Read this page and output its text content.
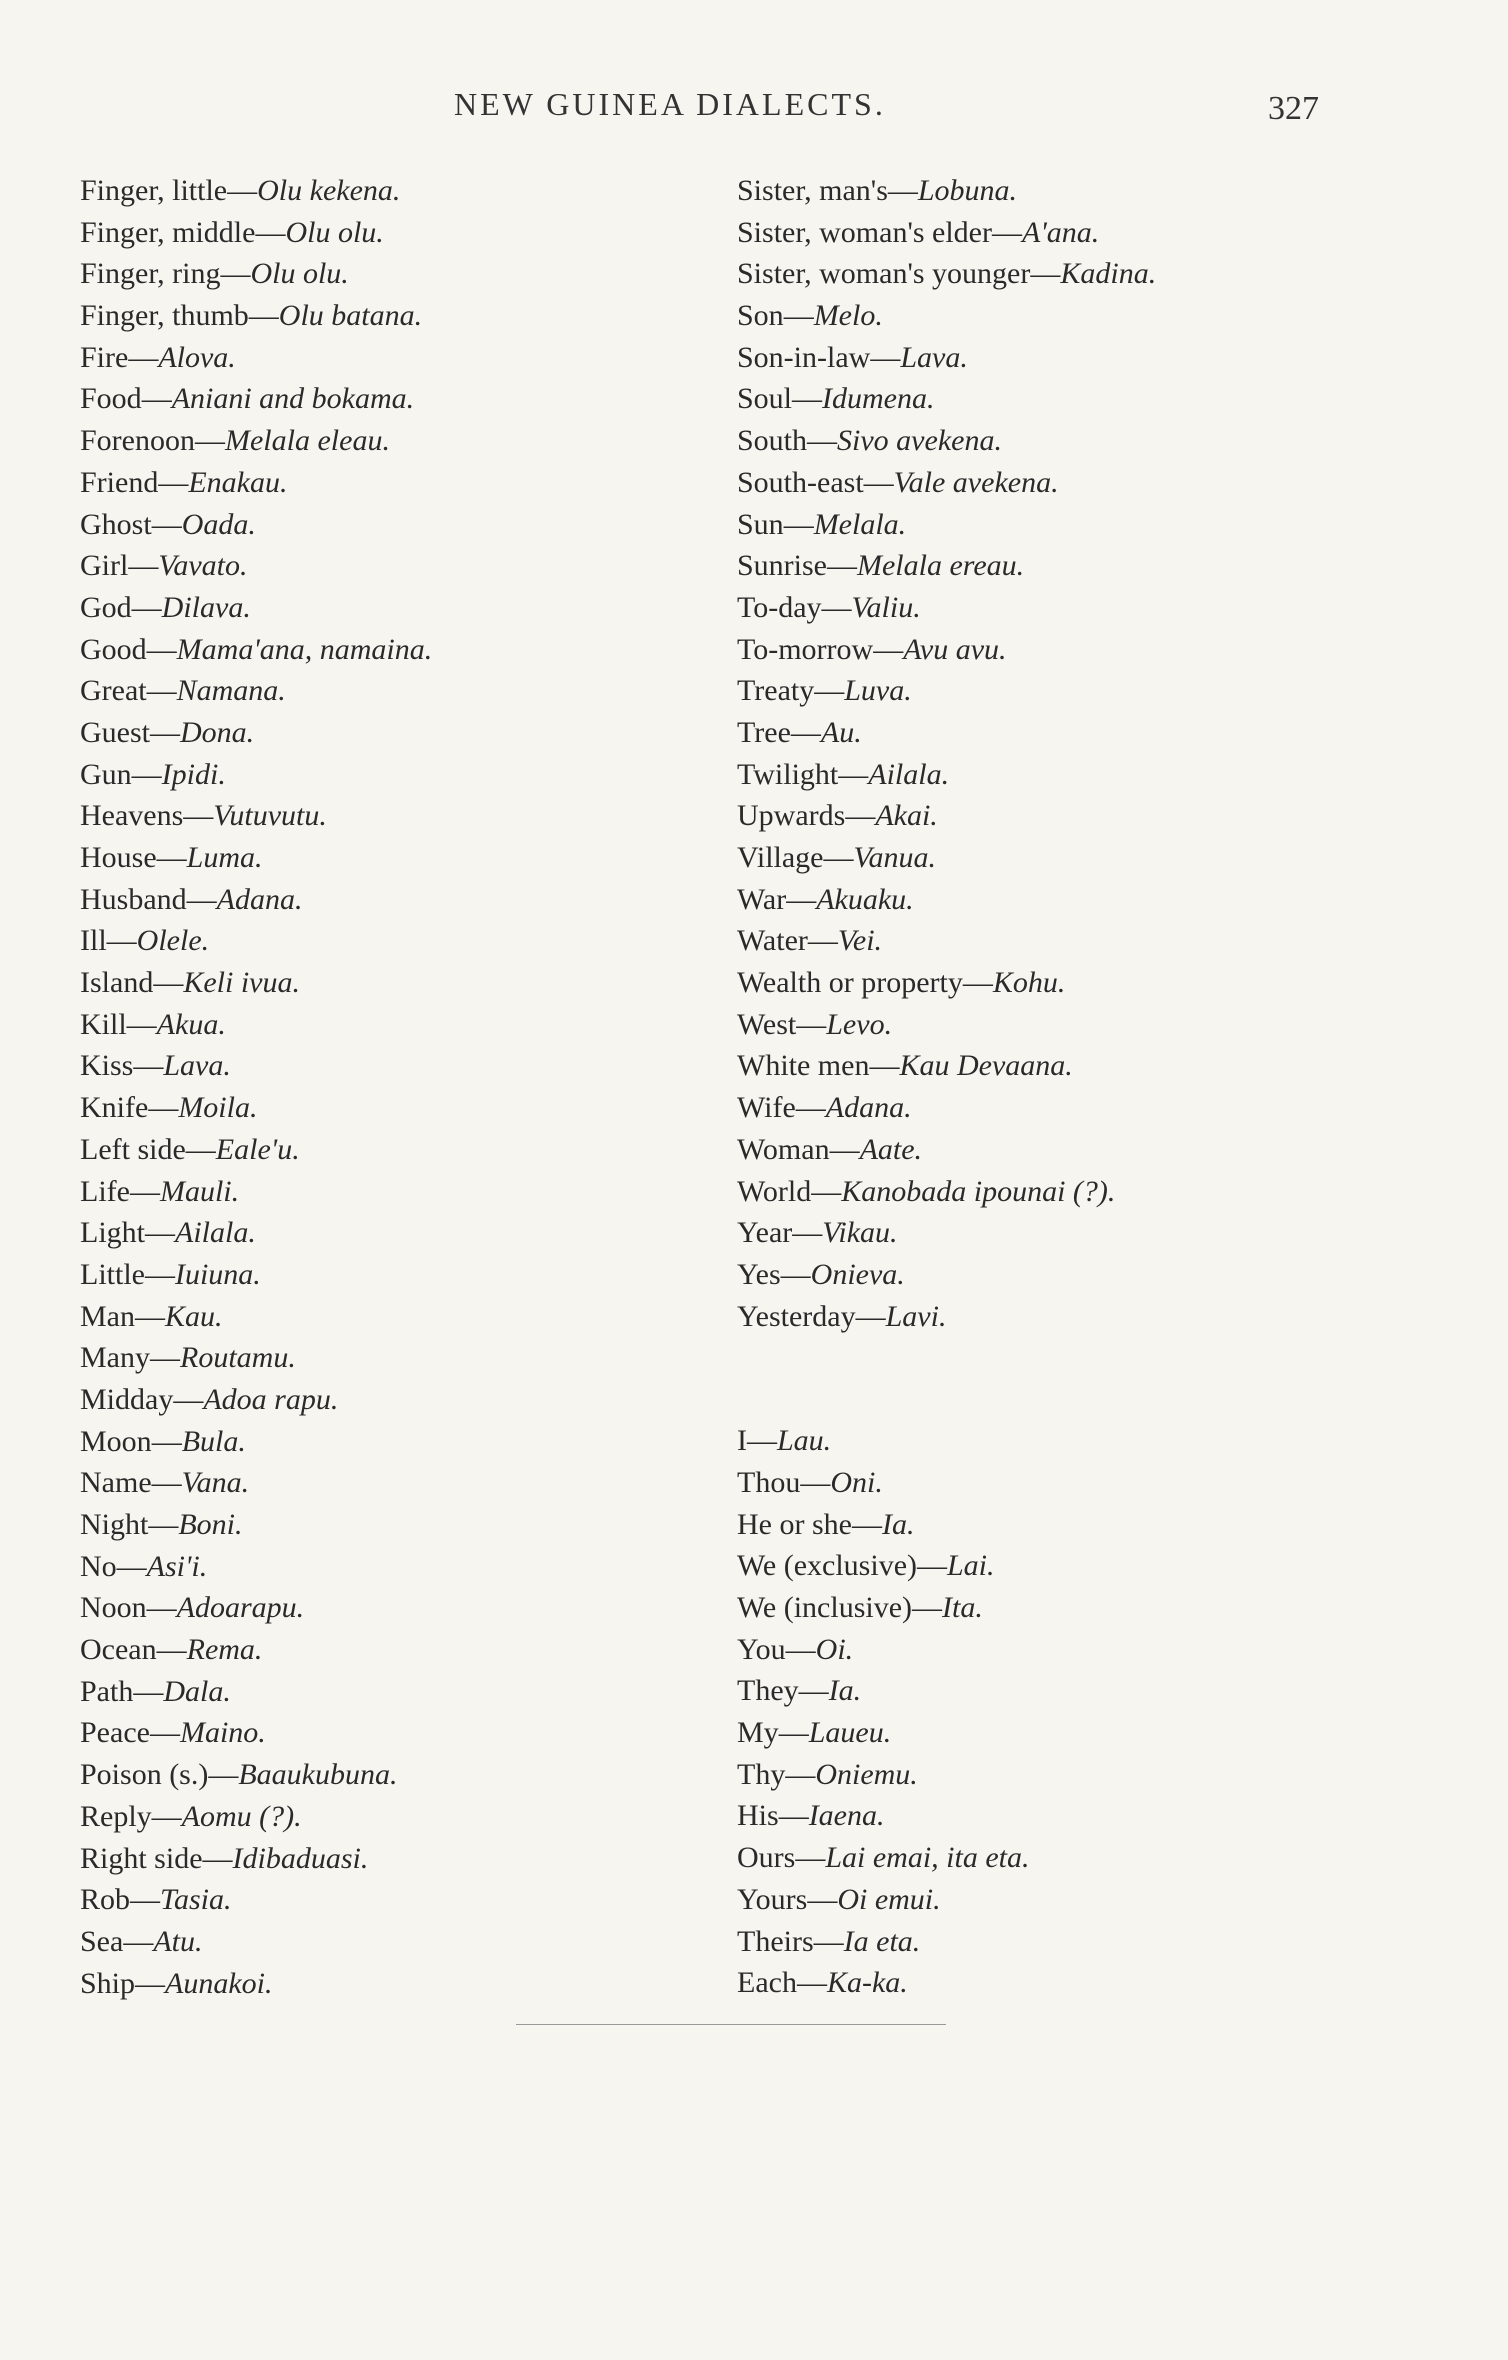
NEW GUINEA DIALECTS.	327
Finger, little—Olu kekena.
Finger, middle—Olu olu.
Finger, ring—Olu olu.
Finger, thumb—Olu batana.
Fire—Alova.
Food—Aniani and bokama.
Forenoon—Melala eleau.
Friend—Enakau.
Ghost—Oada.
Girl—Vavato.
God—Dilava.
Good—Mama'ana, namaina.
Great—Namana.
Guest—Dona.
Gun—Ipidi.
Heavens—Vutuvutu.
House—Luma.
Husband—Adana.
Ill—Olele.
Island—Keli ivua.
Kill—Akua.
Kiss—Lava.
Knife—Moila.
Left side—Eale'u.
Life—Mauli.
Light—Ailala.
Little—Iuiuna.
Man—Kau.
Many—Routamu.
Midday—Adoa rapu.
Moon—Bula.
Name—Vana.
Night—Boni.
No—Asi'i.
Noon—Adoarapu.
Ocean—Rema.
Path—Dala.
Peace—Maino.
Poison (s.)—Baaukubuna.
Reply—Aomu (?).
Right side—Idibaduasi.
Rob—Tasia.
Sea—Atu.
Ship—Aunakoi.
Sister, man's—Lobuna.
Sister, woman's elder—A'ana.
Sister, woman's younger—Kadina.
Son—Melo.
Son-in-law—Lava.
Soul—Idumena.
South—Sivo avekena.
South-east—Vale avekena.
Sun—Melala.
Sunrise—Melala ereau.
To-day—Valiu.
To-morrow—Avu avu.
Treaty—Luva.
Tree—Au.
Twilight—Ailala.
Upwards—Akai.
Village—Vanua.
War—Akuaku.
Water—Vei.
Wealth or property—Kohu.
West—Levo.
White men—Kau Devaana.
Wife—Adana.
Woman—Aate.
World—Kanobada ipounai (?).
Year—Vikau.
Yes—Onieva.
Yesterday—Lavi.
I—Lau.
Thou—Oni.
He or she—Ia.
We (exclusive)—Lai.
We (inclusive)—Ita.
You—Oi.
They—Ia.
My—Laueu.
Thy—Oniemu.
His—Iaena.
Ours—Lai emai, ita eta.
Yours—Oi emui.
Theirs—Ia eta.
Each—Ka-ka.
